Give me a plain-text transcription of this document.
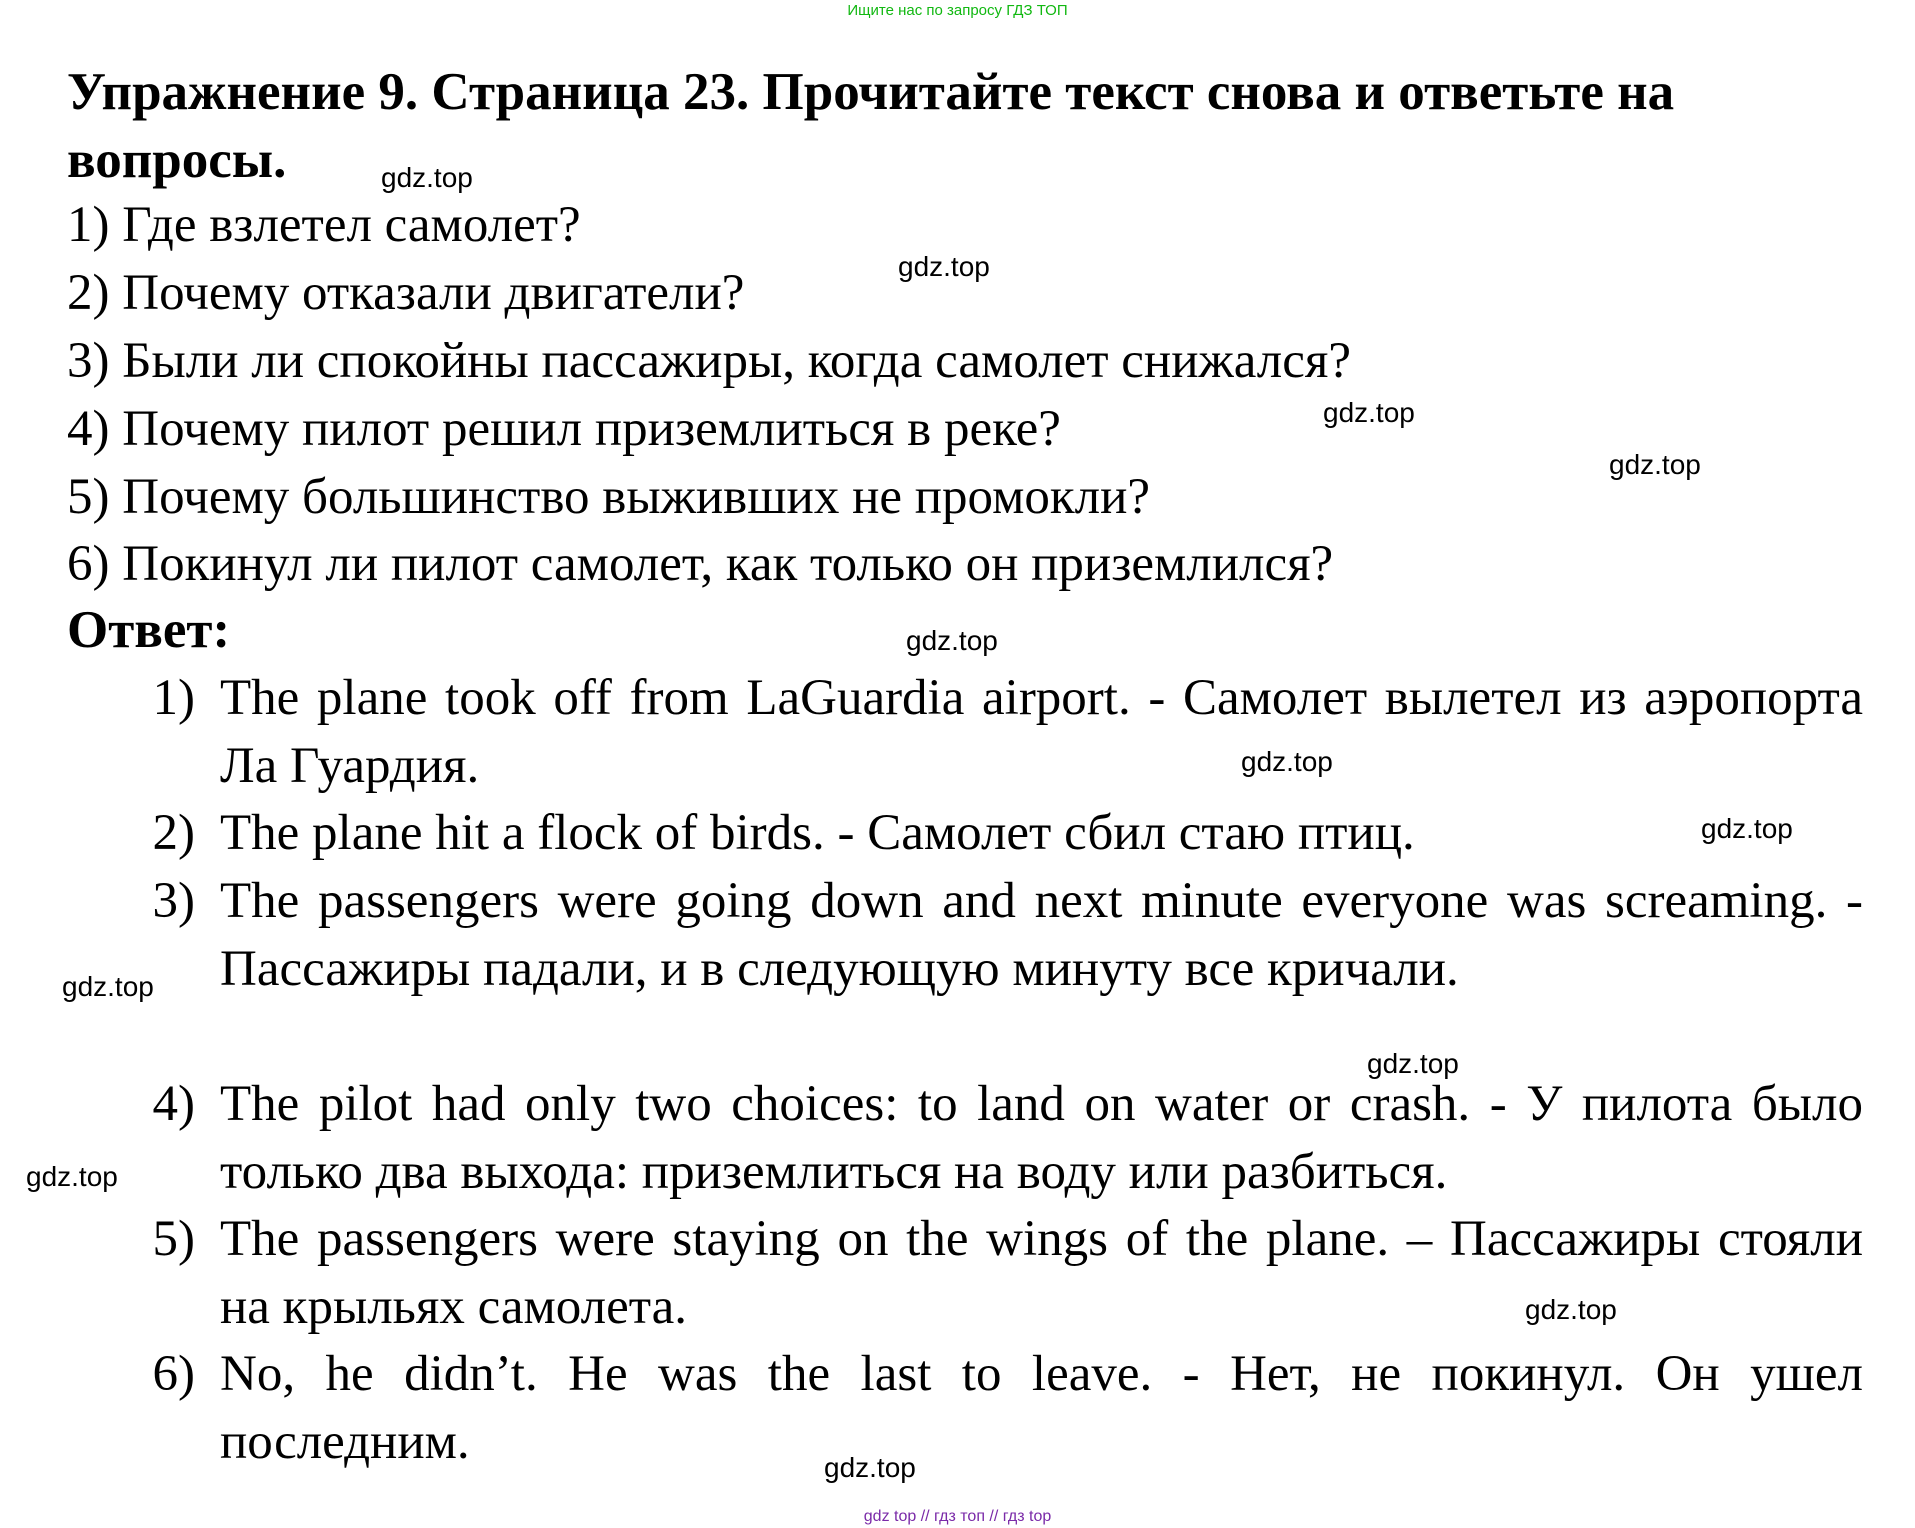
Ищите нас по запросу ГДЗ ТОП
Упражнение 9. Страница 23. Прочитайте текст снова и ответьте на вопросы.
1) Где взлетел самолет?
2) Почему отказали двигатели?
3) Были ли спокойны пассажиры, когда самолет снижался?
4) Почему пилот решил приземлиться в реке?
5) Почему большинство выживших не промокли?
6) Покинул ли пилот самолет, как только он приземлился?
Ответ:
1) The plane took off from LaGuardia airport. - Самолет вылетел из аэропорта Ла Гуардия.
2) The plane hit a flock of birds. - Самолет сбил стаю птиц.
3) The passengers were going down and next minute everyone was screaming. - Пассажиры падали, и в следующую минуту все кричали.
4) The pilot had only two choices: to land on water or crash. - У пилота было только два выхода: приземлиться на воду или разбиться.
5) The passengers were staying on the wings of the plane. – Пассажиры стояли на крыльях самолета.
6) No, he didn’t. He was the last to leave. - Нет, не покинул. Он ушел последним.
gdz.top
gdz.top
gdz.top
gdz.top
gdz.top
gdz.top
gdz.top
gdz.top
gdz.top
gdz.top
gdz.top
gdz.top
gdz top // гдз топ // гдз top
